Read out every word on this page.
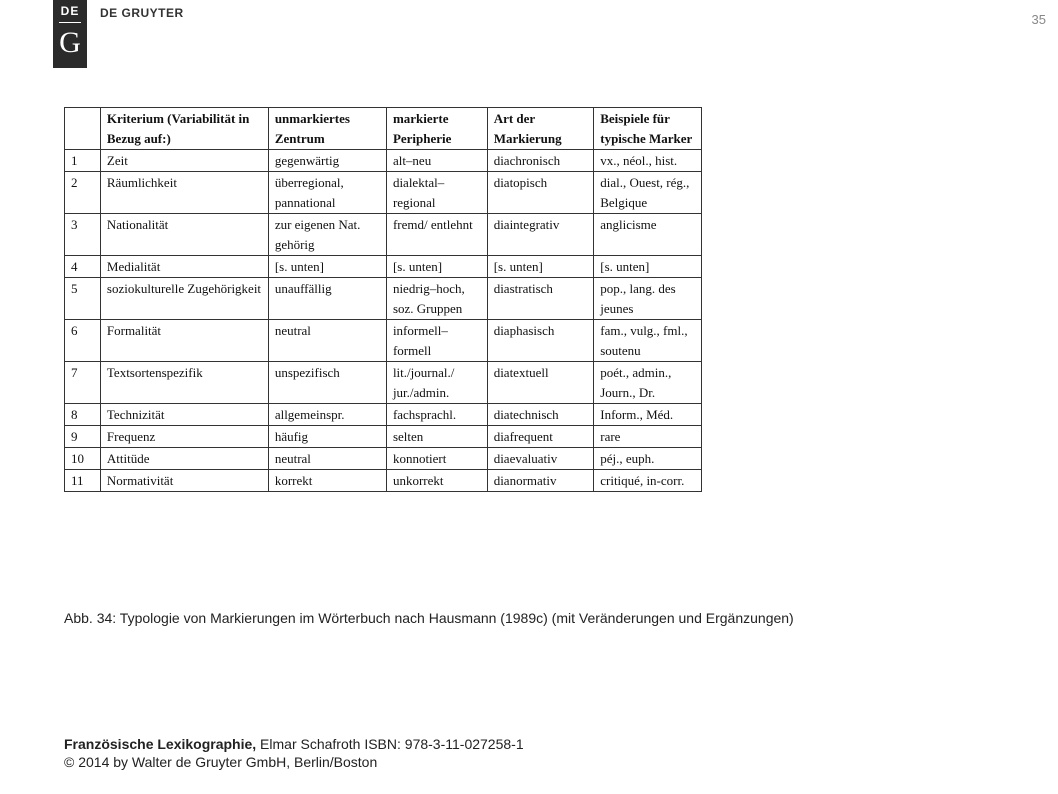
DE
G
DE GRUYTER	35
	Kriterium (Variabilität in Bezug auf:)	unmarkiertes Zentrum	markierte Peripherie	Art der Markierung	Beispiele für typische Marker
1	Zeit	gegenwärtig	alt–neu	diachronisch	vx., néol., hist.
2	Räumlichkeit	überregional, pannational	dialektal–regional	diatopisch	dial., Ouest, rég., Belgique
3	Nationalität	zur eigenen Nat. gehörig	fremd/ entlehnt	diaintegrativ	anglicisme
4	Medialität	[s. unten]	[s. unten]	[s. unten]	[s. unten]
5	soziokulturelle Zugehörigkeit	unauffällig	niedrig–hoch, soz. Gruppen	diastratisch	pop., lang. des jeunes
6	Formalität	neutral	informell–formell	diaphasisch	fam., vulg., fml., soutenu
7	Textsortenspezifik	unspezifisch	lit./journal./ jur./admin.	diatextuell	poét., admin., Journ., Dr.
8	Technizität	allgemeinspr.	fachsprachl.	diatechnisch	Inform., Méd.
9	Frequenz	häufig	selten	diafrequent	rare
10	Attitüde	neutral	konnotiert	diaevaluativ	péj., euph.
11	Normativität	korrekt	unkorrekt	dianormativ	critiqué, in-corr.
Abb. 34: Typologie von Markierungen im Wörterbuch nach Hausmann (1989c) (mit Veränderungen und Ergänzungen)
Französische Lexikographie, Elmar Schafroth ISBN: 978-3-11-027258-1
© 2014 by Walter de Gruyter GmbH, Berlin/Boston
